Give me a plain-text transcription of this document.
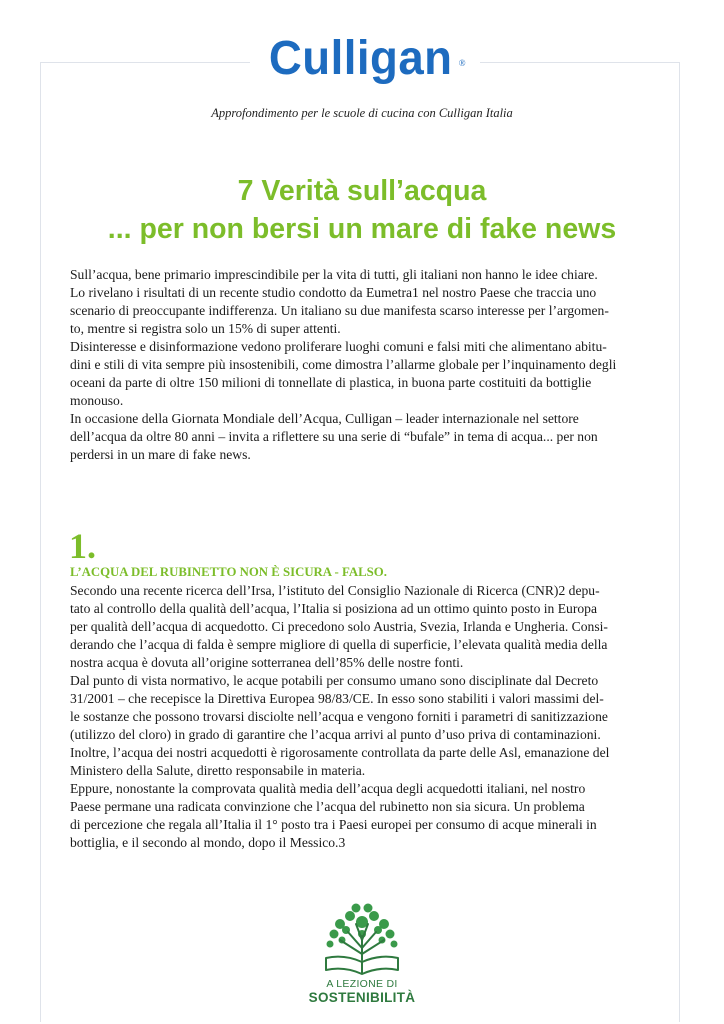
Culligan ®
Approfondimento per le scuole di cucina con Culligan Italia
7 Verità sull’acqua
... per non bersi un mare di fake news

Sull’acqua, bene primario imprescindibile per la vita di tutti, gli italiani non hanno le idee chiare.

Lo rivelano i risultati di un recente studio condotto da Eumetra1 nel nostro Paese che traccia uno

scenario di preoccupante indifferenza. Un italiano su due manifesta scarso interesse per l’argomen-

to, mentre si registra solo un 15% di super attenti.

Disinteresse e disinformazione vedono proliferare luoghi comuni e falsi miti che alimentano abitu-

dini e stili di vita sempre più insostenibili, come dimostra l’allarme globale per l’inquinamento degli

oceani da parte di oltre 150 milioni di tonnellate di plastica, in buona parte costituiti da bottiglie

monouso.

In occasione della Giornata Mondiale dell’Acqua, Culligan – leader internazionale nel settore

dell’acqua da oltre 80 anni – invita a riflettere su una serie di “bufale” in tema di acqua... per non

perdersi in un mare di fake news.

1.
L’ACQUA DEL RUBINETTO NON È SICURA - FALSO.

Secondo una recente ricerca dell’Irsa, l’istituto del Consiglio Nazionale di Ricerca (CNR)2 depu-

tato al controllo della qualità dell’acqua, l’Italia si posiziona ad un ottimo quinto posto in Europa

per qualità dell’acqua di acquedotto. Ci precedono solo Austria, Svezia, Irlanda e Ungheria. Consi-

derando che l’acqua di falda è sempre migliore di quella di superficie, l’elevata qualità media della

nostra acqua è dovuta all’origine sotterranea dell’85% delle nostre fonti.

Dal punto di vista normativo, le acque potabili per consumo umano sono disciplinate dal Decreto

31/2001 – che recepisce la Direttiva Europea 98/83/CE. In esso sono stabiliti i valori massimi del-

le sostanze che possono trovarsi disciolte nell’acqua e vengono forniti i parametri di sanitizzazione

(utilizzo del cloro) in grado di garantire che l’acqua arrivi al punto d’uso priva di contaminazioni.

Inoltre, l’acqua dei nostri acquedotti è rigorosamente controllata da parte delle Asl, emanazione del

Ministero della Salute, diretto responsabile in materia.

Eppure, nonostante la comprovata qualità media dell’acqua degli acquedotti italiani, nel nostro

Paese permane una radicata convinzione che l’acqua del rubinetto non sia sicura. Un problema

di percezione che regala all’Italia il 1° posto tra i Paesi europei per consumo di acque minerali in

bottiglia, e il secondo al mondo, dopo il Messico.3

A LEZIONE DI
SOSTENIBILITÀ
